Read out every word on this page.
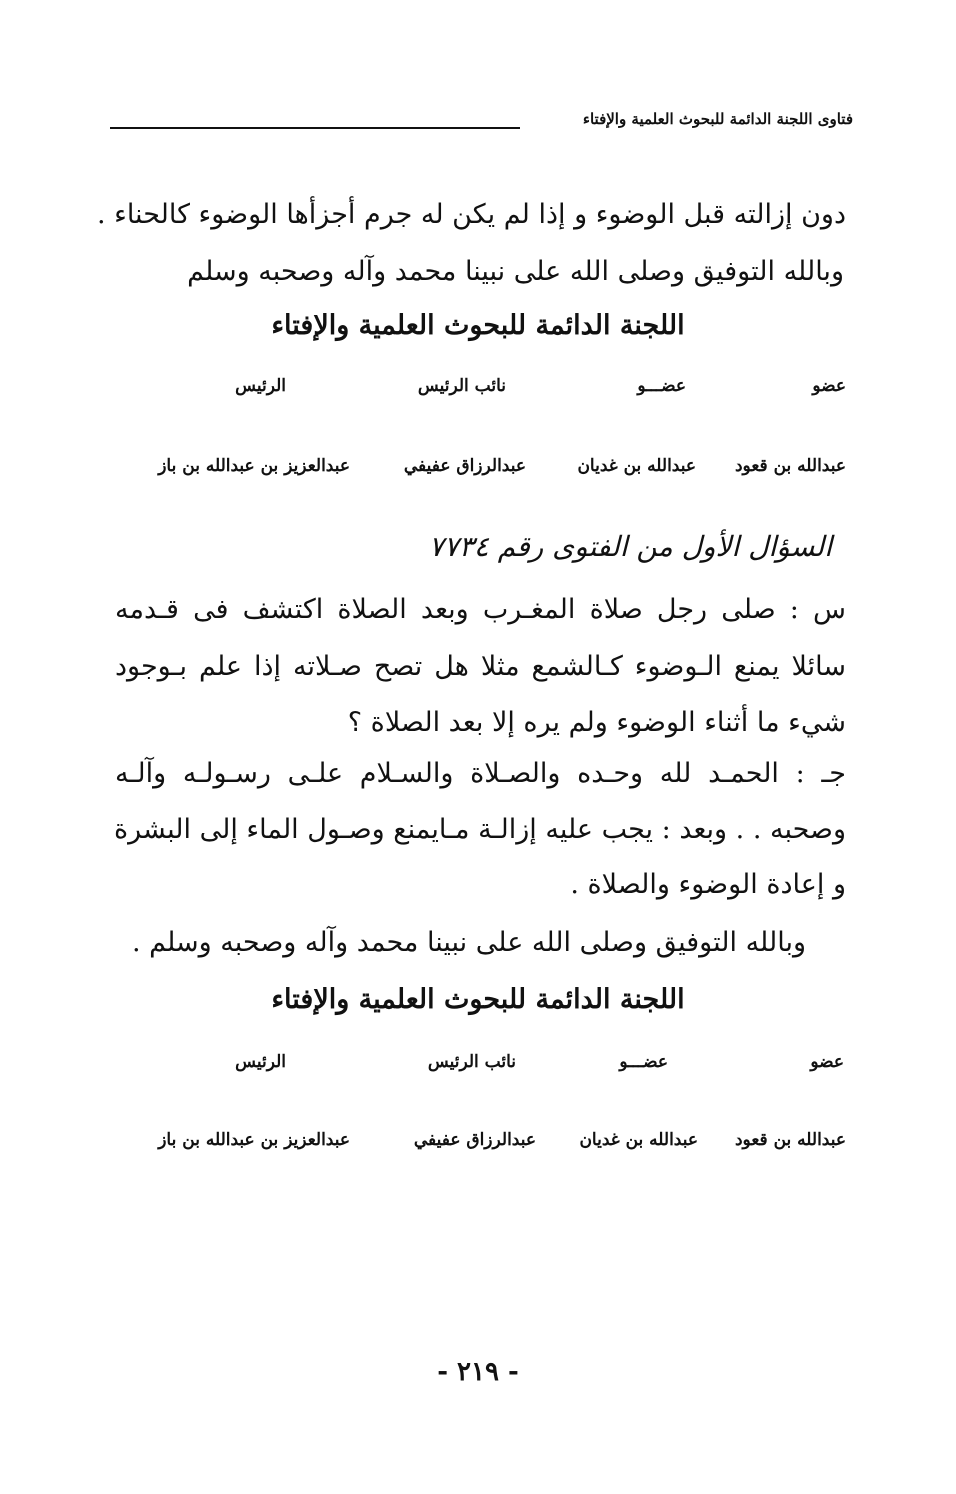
فتاوى اللجنة الدائمة للبحوث العلمية والإفتاء
دون إزالته قبل الوضوء و إذا لم يكن له جرم أجزأها الوضوء كالحناء .
وبالله التوفيق وصلى الله على نبينا محمد وآله وصحبه وسلم
اللجنة الدائمة للبحوث العلمية والإفتاء
عضو
عضـــو
نائب الرئيس
الرئيس
عبدالله بن قعود
عبدالله بن غديان
عبدالرزاق عفيفي
عبدالعزيز بن عبدالله بن باز
السؤال الأول من الفتوى رقم ٧٧٣٤
س : صلى رجل صلاة المغـرب وبعد الصلاة اكتشف فى قـدمه
سائلا يمنع الـوضوء كـالشمع مثلا هل تصح صـلاته إذا علم بـوجود
شيء ما أثناء الوضوء ولم يره إلا بعد الصلاة ؟
جـ : الحمـد لله وحـده والصـلاة والسـلام علـى رسـولـه وآلـه
وصحبه . . وبعد : يجب عليه إزالـة مـايمنع وصـول الماء إلى البشرة
و إعادة الوضوء والصلاة .
وبالله التوفيق وصلى الله على نبينا محمد وآله وصحبه وسلم .
اللجنة الدائمة للبحوث العلمية والإفتاء
عضو
عضـــو
نائب الرئيس
الرئيس
عبدالله بن قعود
عبدالله بن غديان
عبدالرزاق عفيفي
عبدالعزيز بن عبدالله بن باز
- ٢١٩ -
